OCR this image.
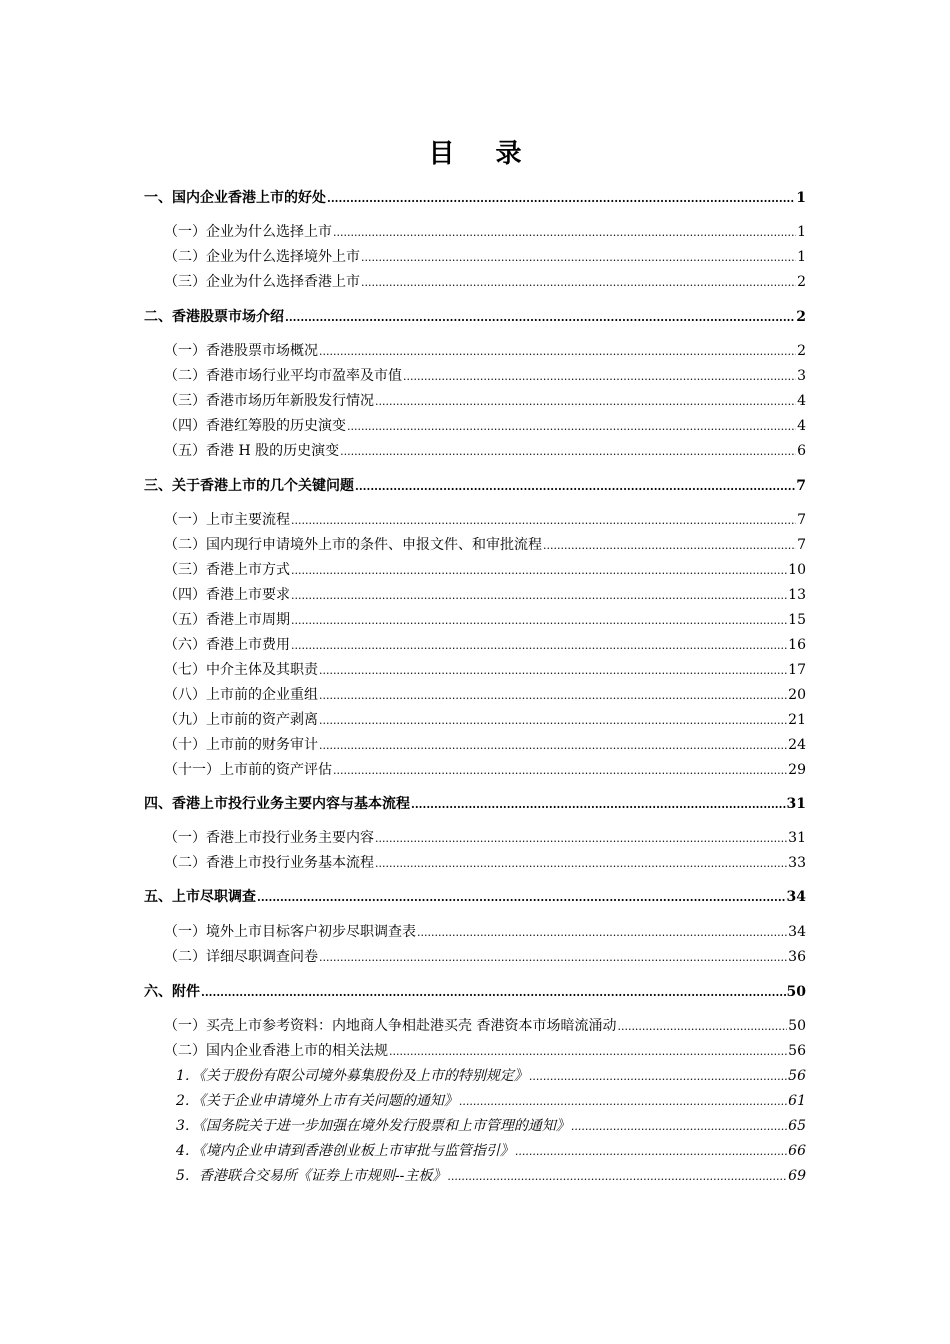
目 录
一、国内企业香港上市的好处 .....	1
（一）企业为什么选择上市 .....	1
（二）企业为什么选择境外上市 .....	1
（三）企业为什么选择香港上市 .....	2
二、香港股票市场介绍 .....	2
（一）香港股票市场概况 .....	2
（二）香港市场行业平均市盈率及市值 .....	3
（三）香港市场历年新股发行情况 .....	4
（四）香港红筹股的历史演变 .....	4
（五）香港 H 股的历史演变 .....	6
三、关于香港上市的几个关键问题 .....	7
（一）上市主要流程 .....	7
（二）国内现行申请境外上市的条件、申报文件、和审批流程 .....	7
（三）香港上市方式 .....	10
（四）香港上市要求 .....	13
（五）香港上市周期 .....	15
（六）香港上市费用 .....	16
（七）中介主体及其职责 .....	17
（八）上市前的企业重组 .....	20
（九）上市前的资产剥离 .....	21
（十）上市前的财务审计 .....	24
（十一）上市前的资产评估 .....	29
四、香港上市投行业务主要内容与基本流程 .....	31
（一）香港上市投行业务主要内容 .....	31
（二）香港上市投行业务基本流程 .....	33
五、上市尽职调查 .....	34
（一）境外上市目标客户初步尽职调查表 .....	34
（二）详细尽职调查问卷 .....	36
六、附件 .....	50
（一）买壳上市参考资料：内地商人争相赴港买壳 香港资本市场暗流涌动 .....	50
（二）国内企业香港上市的相关法规 .....	56
1．《关于股份有限公司境外募集股份及上市的特别规定》 .....	56
2．《关于企业申请境外上市有关问题的通知》 .....	61
3．《国务院关于进一步加强在境外发行股票和上市管理的通知》 .....	65
4．《境内企业申请到香港创业板上市审批与监管指引》 .....	66
5．香港联合交易所《证券上市规则--主板》 .....	69
